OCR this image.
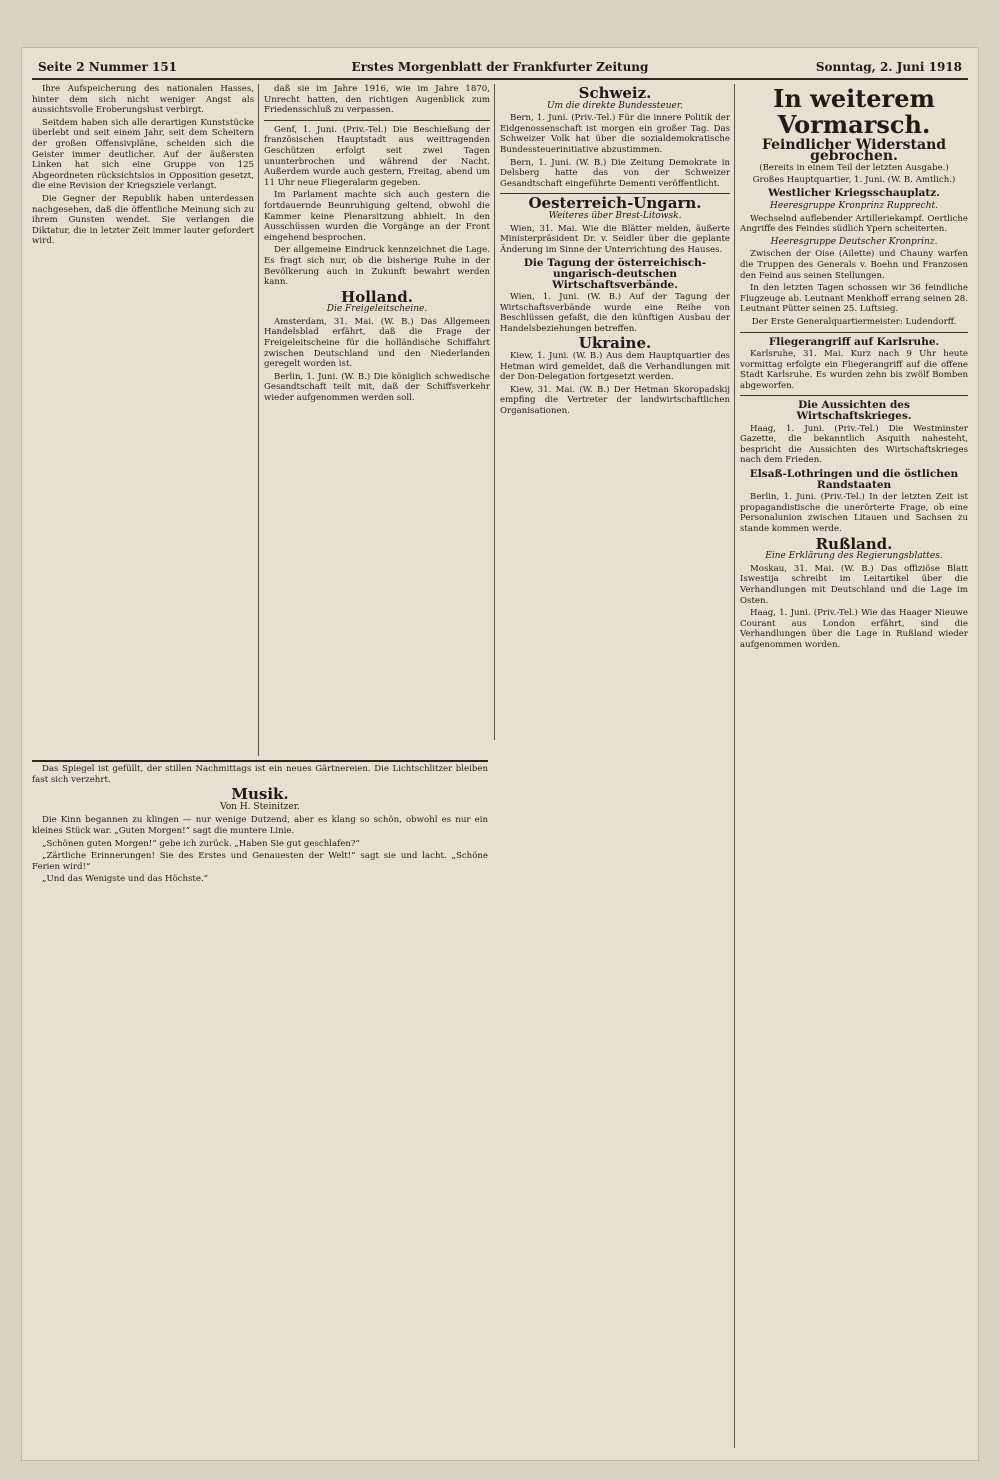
Seite 2 Nummer 151	Erstes Morgenblatt der Frankfurter Zeitung	Sonntag, 2. Juni 1918

Ihre Aufspeicherung des nationalen Hasses, hinter dem sich nicht weniger Angst als aussichtsvolle Eroberungslust verbirgt.

Seitdem haben sich alle derartigen Kunststücke überlebt und seit einem Jahr, seit dem Scheitern der großen Offensivpläne, scheiden sich die Geister immer deutlicher. Auf der äußersten Linken hat sich eine Gruppe von 125 Abgeordneten rücksichtslos in Opposition gesetzt, die eine Revision der Kriegsziele verlangt.

Die Gegner der Republik haben unterdessen nachgesehen, daß die öffentliche Meinung sich zu ihrem Gunsten wendet. Sie verlangen die Diktatur, die in letzter Zeit immer lauter gefordert wird.

daß sie im Jahre 1916, wie im Jahre 1870, Unrecht hatten, den richtigen Augenblick zum Friedensschluß zu verpassen.

Genf, 1. Juni. (Priv.-Tel.) Die Beschießung der französischen Hauptstadt aus weittragenden Geschützen erfolgt seit zwei Tagen ununterbrochen und während der Nacht. Außerdem wurde auch gestern, Freitag, abend um 11 Uhr neue Fliegeralarm gegeben.

Im Parlament machte sich auch gestern die fortdauernde Beunruhigung geltend, obwohl die Kammer keine Plenarsitzung abhielt. In den Ausschüssen wurden die Vorgänge an der Front eingehend besprochen.

Der allgemeine Eindruck kennzeichnet die Lage. Es fragt sich nur, ob die bisherige Ruhe in der Bevölkerung auch in Zukunft bewahrt werden kann.

Holland.
Die Freigeleitscheine.

Amsterdam, 31. Mai. (W. B.) Das Allgemeen Handelsblad erfährt, daß die Frage der Freigeleitscheine für die holländische Schiffahrt zwischen Deutschland und den Niederlanden geregelt worden ist.

Berlin, 1. Juni. (W. B.) Die königlich schwedische Gesandtschaft teilt mit, daß der Schiffsverkehr wieder aufgenommen werden soll.

Schweiz.
Um die direkte Bundessteuer.

Bern, 1. Juni. (Priv.-Tel.) Für die innere Politik der Eidgenossenschaft ist morgen ein großer Tag. Das Schweizer Volk hat über die sozialdemokratische Bundessteuerinitiative abzustimmen.

Bern, 1. Juni. (W. B.) Die Zeitung Demokrate in Delsberg hatte das von der Schweizer Gesandtschaft eingeführte Dementi veröffentlicht.

Oesterreich-Ungarn.
Weiteres über Brest-Litowsk.

Wien, 31. Mai. Wie die Blätter melden, äußerte Ministerpräsident Dr. v. Seidler über die geplante Änderung im Sinne der Unterrichtung des Hauses.

Die Tagung der österreichisch-ungarisch-deutschen Wirtschaftsverbände.

Wien, 1. Juni. (W. B.) Auf der Tagung der Wirtschaftsverbände wurde eine Reihe von Beschlüssen gefaßt, die den künftigen Ausbau der Handelsbeziehungen betreffen.

Ukraine.

Kiew, 1. Juni. (W. B.) Aus dem Hauptquartier des Hetman wird gemeldet, daß die Verhandlungen mit der Don-Delegation fortgesetzt werden.

Kiew, 31. Mai. (W. B.) Der Hetman Skoropadskij empfing die Vertreter der landwirtschaftlichen Organisationen.

In weiterem Vormarsch.
Feindlicher Widerstand gebrochen.
(Bereits in einem Teil der letzten Ausgabe.)
Großes Hauptquartier, 1. Juni. (W. B. Amtlich.)
Westlicher Kriegsschauplatz.
Heeresgruppe Kronprinz Rupprecht.

Wechselnd auflebender Artilleriekampf. Oertliche Angriffe des Feindes südlich Ypern scheiterten.

Heeresgruppe Deutscher Kronprinz.

Zwischen der Oise (Ailette) und Chauny warfen die Truppen des Generals v. Boehn und Franzosen den Feind aus seinen Stellungen.

In den letzten Tagen schossen wir 36 feindliche Flugzeuge ab. Leutnant Menkhoff errang seinen 28. Leutnant Pütter seinen 25. Luftsieg.

Der Erste Generalquartiermeister: Ludendorff.
Fliegerangriff auf Karlsruhe.

Karlsruhe, 31. Mai. Kurz nach 9 Uhr heute vormittag erfolgte ein Fliegerangriff auf die offene Stadt Karlsruhe. Es wurden zehn bis zwölf Bomben abgeworfen.

Die Aussichten des Wirtschaftskrieges.

Haag, 1. Juni. (Priv.-Tel.) Die Westminster Gazette, die bekanntlich Asquith nahesteht, bespricht die Aussichten des Wirtschaftskrieges nach dem Frieden.

Elsaß-Lothringen und die östlichen Randstaaten

Berlin, 1. Juni. (Priv.-Tel.) In der letzten Zeit ist propagandistische die unerörterte Frage, ob eine Personalunion zwischen Litauen und Sachsen zu stande kommen werde.

Rußland.
Eine Erklärung des Regierungsblattes.

Moskau, 31. Mai. (W. B.) Das offiziöse Blatt Iswestija schreibt im Leitartikel über die Verhandlungen mit Deutschland und die Lage im Osten.

Haag, 1. Juni. (Priv.-Tel.) Wie das Haager Nieuwe Courant aus London erfährt, sind die Verhandlungen über die Lage in Rußland wieder aufgenommen worden.

Das Spiegel ist gefüllt, der stillen Nachmittags ist ein neues Gärtnereien. Die Lichtschlitzer bleiben fast sich verzehrt.

Musik.
Von H. Steinitzer.

Die Kinn begannen zu klingen — nur wenige Dutzend, aber es klang so schön, obwohl es nur ein kleines Stück war. „Guten Morgen!“ sagt die muntere Linie.

„Schönen guten Morgen!“ gebe ich zurück. „Haben Sie gut geschlafen?“

„Zärtliche Erinnerungen! Sie des Erstes und Genauesten der Welt!“ sagt sie und lacht. „Schöne Ferien wird!“

„Und das Wenigste und das Höchste.“
